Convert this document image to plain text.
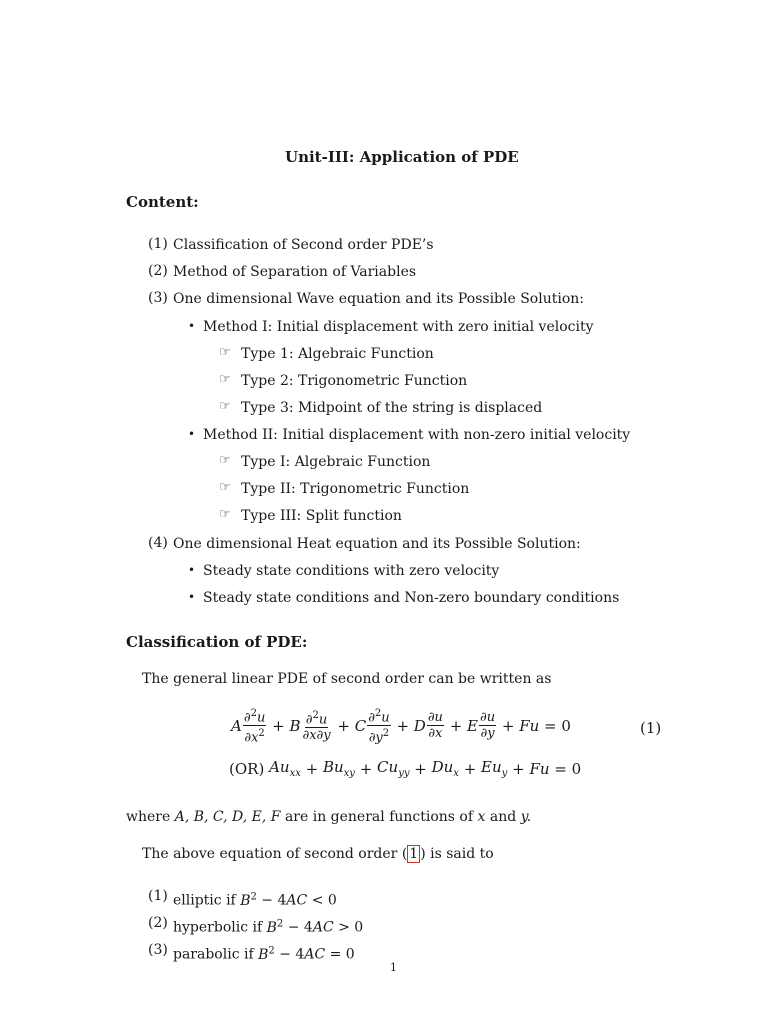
Unit-III: Application of PDE
Content:
(1) Classification of Second order PDE’s
(2) Method of Separation of Variables
(3) One dimensional Wave equation and its Possible Solution:
• Method I: Initial displacement with zero initial velocity
☞ Type 1: Algebraic Function
☞ Type 2: Trigonometric Function
☞ Type 3: Midpoint of the string is displaced
• Method II: Initial displacement with non-zero initial velocity
☞ Type I: Algebraic Function
☞ Type II: Trigonometric Function
☞ Type III: Split function
(4) One dimensional Heat equation and its Possible Solution:
• Steady state conditions with zero velocity
• Steady state conditions and Non-zero boundary conditions
Classification of PDE:
The general linear PDE of second order can be written as
A $\frac{\partial^2u}{\partial x^2} + B \frac{\partial^2u}{\partial x\partial y} + C \frac{\partial^2u}{\partial y^2} + D \frac{\partial u}{\partial x} + E \frac{\partial u}{\partial y} + Fu = 0$	(1)
(OR) $Au_{xx} + Bu_{xy} + Cu_{yy} + Du_x + Eu_y + Fu = 0$
where A, B, C, D, E, F are in general functions of x and y.
The above equation of second order ( 1 ) is said to
(1) elliptic if $B^2 - 4AC < 0$
(2) hyperbolic if $B^2 - 4AC > 0$
(3) parabolic if $B^2 - 4AC = 0$
1
